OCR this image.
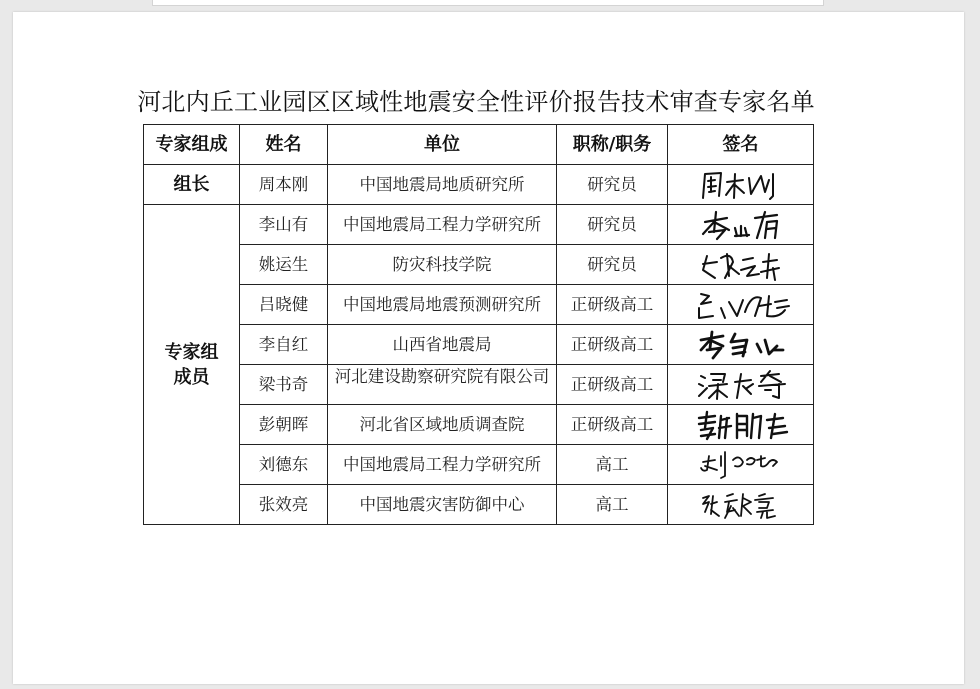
河北内丘工业园区区域性地震安全性评价报告技术审查专家名单
专家组成	姓名	单位	职称/职务	签名
组长	周本刚	中国地震局地质研究所	研究员	

专家组成员	李山有	中国地震局工程力学研究所	研究员	

	姚运生	防灾科技学院	研究员	

	吕晓健	中国地震局地震预测研究所	正研级高工	

	李自红	山西省地震局	正研级高工	

	梁书奇	河北建设勘察研究院有限公司	正研级高工	

	彭朝晖	河北省区域地质调查院	正研级高工	

	刘德东	中国地震局工程力学研究所	高工	

	张效亮	中国地震灾害防御中心	高工	
